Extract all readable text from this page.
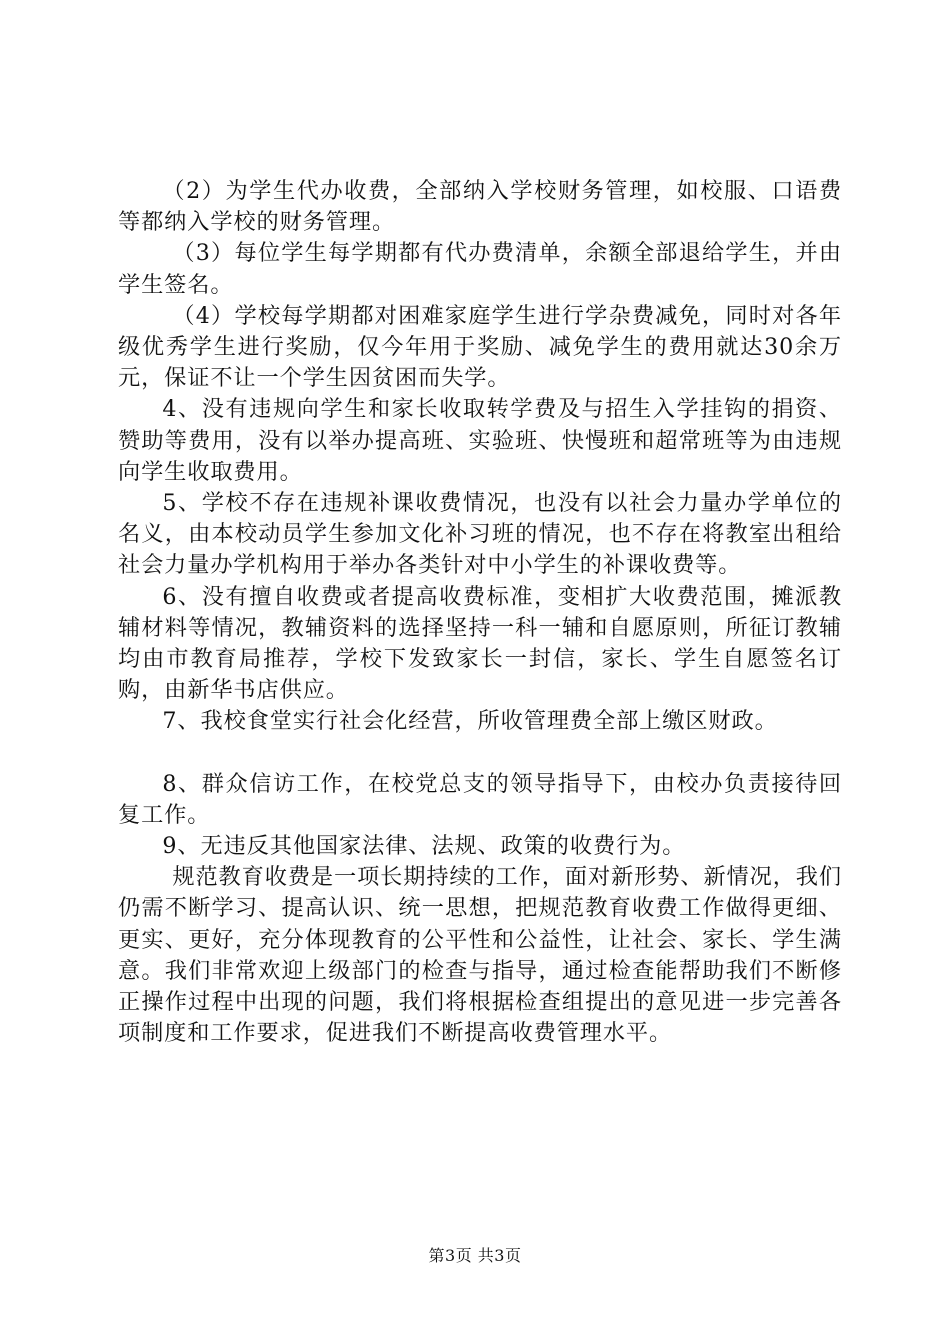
（2）为学生代办收费，全部纳入学校财务管理，如校服、口语费等都纳入学校的财务管理。

（3）每位学生每学期都有代办费清单，余额全部退给学生，并由学生签名。

（4）学校每学期都对困难家庭学生进行学杂费减免，同时对各年级优秀学生进行奖励，仅今年用于奖励、减免学生的费用就达30余万元，保证不让一个学生因贫困而失学。

4、没有违规向学生和家长收取转学费及与招生入学挂钩的捐资、赞助等费用，没有以举办提高班、实验班、快慢班和超常班等为由违规向学生收取费用。

5、学校不存在违规补课收费情况，也没有以社会力量办学单位的名义，由本校动员学生参加文化补习班的情况，也不存在将教室出租给社会力量办学机构用于举办各类针对中小学生的补课收费等。

6、没有擅自收费或者提高收费标准，变相扩大收费范围，摊派教辅材料等情况，教辅资料的选择坚持一科一辅和自愿原则，所征订教辅均由市教育局推荐，学校下发致家长一封信，家长、学生自愿签名订购，由新华书店供应。

7、我校食堂实行社会化经营，所收管理费全部上缴区财政。

8、群众信访工作，在校党总支的领导指导下，由校办负责接待回复工作。

9、无违反其他国家法律、法规、政策的收费行为。

规范教育收费是一项长期持续的工作，面对新形势、新情况，我们仍需不断学习、提高认识、统一思想，把规范教育收费工作做得更细、更实、更好，充分体现教育的公平性和公益性，让社会、家长、学生满意。我们非常欢迎上级部门的检查与指导，通过检查能帮助我们不断修正操作过程中出现的问题，我们将根据检查组提出的意见进一步完善各项制度和工作要求，促进我们不断提高收费管理水平。

第3页 共3页
